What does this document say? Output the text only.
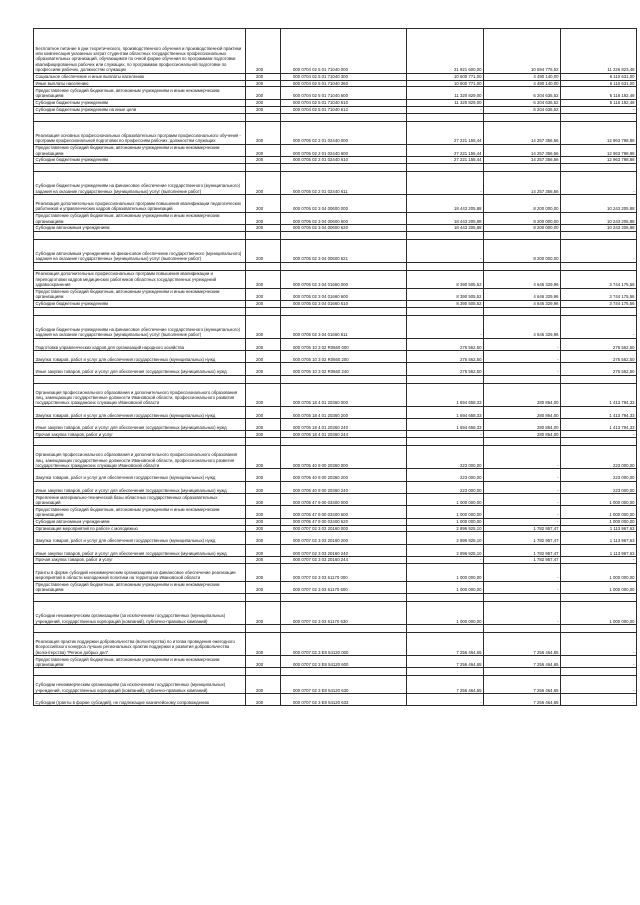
Бесплатное питание в дни теоретического, производственного обучения и производственной практики или компенсация указанных затрат студентам областных государственных профессиональных образовательных организаций, обучающимся по очной форме обучения по программам подготовки квалифицированных рабочих или служащих, по программам профессиональной подготовки по профессиям рабочих, должностям служащих	200	000 0704 02 5 01 71040 000	21 921 600,00	10 694 776,52	11 226 823,48
Социальное обеспечение и иные выплаты населению	200	000 0704 02 5 01 71040 300	10 600 771,00	4 490 140,00	6 110 631,00
Иные выплаты населению	200	000 0704 02 5 01 71040 360	10 600 771,00	4 490 140,00	6 110 631,00
Предоставление субсидий бюджетным, автономным учреждениям и иным некоммерческим организациям	200	000 0704 02 5 01 71040 600	11 320 829,00	6 204 636,52	5 116 192,48
Субсидии бюджетным учреждениям	200	000 0704 02 5 01 71040 610	11 320 829,00	6 204 636,52	5 116 192,48
Субсидии бюджетным учреждениям на иные цели	200	000 0704 02 5 01 71040 612	-	6 204 636,52	-

Реализация основных профессиональных образовательных программ профессионального обучения - программ профессиональной подготовки по профессиям рабочих, должностям служащих	200	000 0705 02 2 01 02440 000	27 221 155,44	14 257 356,56	12 963 798,88
Предоставление субсидий бюджетным, автономным учреждениям и иным некоммерческим организациям	200	000 0705 02 2 01 02440 600	27 221 155,44	14 257 356,56	12 963 798,88
Субсидии бюджетным учреждениям	200	000 0705 02 2 01 02440 610	27 221 155,44	14 257 356,56	12 963 798,88

Субсидии бюджетным учреждениям на финансовое обеспечение государственного (муниципального) задания на оказание государственных (муниципальных) услуг (выполнение работ)	200	000 0705 02 2 01 02440 611	-	14 257 356,56	-
Реализация дополнительных профессиональных программ повышения квалификации педагогических работников и управленческих кадров образовательных организаций	200	000 0705 02 3 04 00600 000	18 443 205,88	8 200 000,00	10 243 205,88
Предоставление субсидий бюджетным, автономным учреждениям и иным некоммерческим организациям	200	000 0705 02 3 04 00600 600	18 443 205,88	8 200 000,00	10 243 205,88
Субсидии автономным учреждениям	200	000 0705 02 3 04 00600 620	18 443 205,88	8 200 000,00	10 243 205,88

Субсидии автономным учреждениям на финансовое обеспечение государственного (муниципального) задания на оказание государственных (муниципальных) услуг (выполнение работ)	200	000 0705 02 3 04 00600 621	-	8 200 000,00	-

Реализация дополнительных профессиональных программ повышения квалификации и переподготовки кадров медицинских работников областных государственных учреждений здравоохранения	200	000 0705 02 3 04 01660 000	8 390 505,52	4 646 329,96	3 744 175,56
Предоставление субсидий бюджетным, автономным учреждениям и иным некоммерческим организациям	200	000 0705 02 3 04 01660 600	8 390 505,52	4 646 329,96	3 744 175,56
Субсидии бюджетным учреждениям	200	000 0705 02 3 04 01660 610	8 390 505,52	4 646 329,96	3 744 175,56

Субсидии бюджетным учреждениям на финансовое обеспечение государственного (муниципального) задания на оказание государственных (муниципальных) услуг (выполнение работ)	200	000 0705 02 3 04 01660 611	-	4 646 329,96	-
Подготовка управленческих кадров для организаций народного хозяйства	200	000 0705 10 3 02 R0660 000	276 562,50	-	276 562,50
Закупка товаров, работ и услуг для обеспечения государственных (муниципальных) нужд	200	000 0705 10 3 02 R0660 200	276 562,50	-	276 562,50
Иные закупки товаров, работ и услуг для обеспечения государственных (муниципальных) нужд	200	000 0705 10 3 02 R0660 240	276 562,50	-	276 562,50

Организация профессионального образования и дополнительного профессионального образования лиц, замещающих государственные должности Ивановской области, профессионального развития государственных гражданских служащих Ивановской области	200	000 0705 18 4 01 20360 000	1 694 658,33	280 864,00	1 413 794,33
Закупка товаров, работ и услуг для обеспечения государственных (муниципальных) нужд	200	000 0705 18 4 01 20360 200	1 694 658,33	280 864,00	1 413 794,33
Иные закупки товаров, работ и услуг для обеспечения государственных (муниципальных) нужд	200	000 0705 18 4 01 20360 240	1 694 658,33	280 864,00	1 413 794,33
Прочая закупка товаров, работ и услуг	200	000 0705 18 4 01 20360 244	-	280 864,00	-

Организация профессионального образования и дополнительного профессионального образования лиц, замещающих государственные должности Ивановской области, профессионального развития государственных гражданских служащих Ивановской области	200	000 0705 40 9 00 20360 000	223 000,00	-	223 000,00
Закупка товаров, работ и услуг для обеспечения государственных (муниципальных) нужд	200	000 0705 40 9 00 20360 200	223 000,00	-	223 000,00
Иные закупки товаров, работ и услуг для обеспечения государственных (муниципальных) нужд	200	000 0705 40 9 00 20360 240	223 000,00	-	223 000,00
Укрепление материально-технической базы областных государственных образовательных организаций	200	000 0705 47 9 00 03400 000	1 000 000,00	-	1 000 000,00
Предоставление субсидий бюджетным, автономным учреждениям и иным некоммерческим организациям	200	000 0705 47 9 00 03400 600	1 000 000,00	-	1 000 000,00
Субсидии автономным учреждениям	200	000 0705 47 9 00 03400 620	1 000 000,00	-	1 000 000,00
Организация мероприятий по работе с молодежью	200	000 0707 02 3 03 20160 000	2 896 925,10	1 782 957,47	1 113 967,63
Закупка товаров, работ и услуг для обеспечения государственных (муниципальных) нужд	200	000 0707 02 3 03 20160 200	2 896 925,10	1 782 957,47	1 113 967,63
Иные закупки товаров, работ и услуг для обеспечения государственных (муниципальных) нужд	200	000 0707 02 3 03 20160 240	2 896 925,10	1 782 957,47	1 113 967,63
Прочая закупка товаров, работ и услуг	200	000 0707 02 3 03 20160 244	-	1 782 957,47	-
Гранты в форме субсидий некоммерческим организациям на финансовое обеспечение реализации мероприятий в области молодежной политики на территории Ивановской области	200	000 0707 02 3 03 61170 000	1 000 000,00	-	1 000 000,00
Предоставление субсидий бюджетным, автономным учреждениям и иным некоммерческим организациям	200	000 0707 02 3 03 61170 600	1 000 000,00	-	1 000 000,00

Субсидии некоммерческим организациям (за исключением государственных (муниципальных) учреждений, государственных корпораций (компаний), публично-правовых компаний)	200	000 0707 02 3 03 61170 630	1 000 000,00	-	1 000 000,00

Реализация практик поддержки добровольчества (волонтерства) по итогам проведения ежегодного Всероссийского конкурса лучших региональных практик поддержки и развития добровольчества (волонтерства) "Регион добрых дел"	200	000 0707 02 3 E8 54120 000	7 256 464,65	7 256 464,65	-
Предоставление субсидий бюджетным, автономным учреждениям и иным некоммерческим организациям	200	000 0707 02 3 E8 54120 600	7 256 464,65	7 256 464,65	-

Субсидии некоммерческим организациям (за исключением государственных (муниципальных) учреждений, государственных корпораций (компаний), публично-правовых компаний)	200	000 0707 02 3 E8 54120 630	7 256 464,65	7 256 464,65	-
Субсидии (гранты в форме субсидий), не подлежащие казначейскому сопровождению	200	000 0707 02 3 E8 54120 633	-	7 256 464,65	-
